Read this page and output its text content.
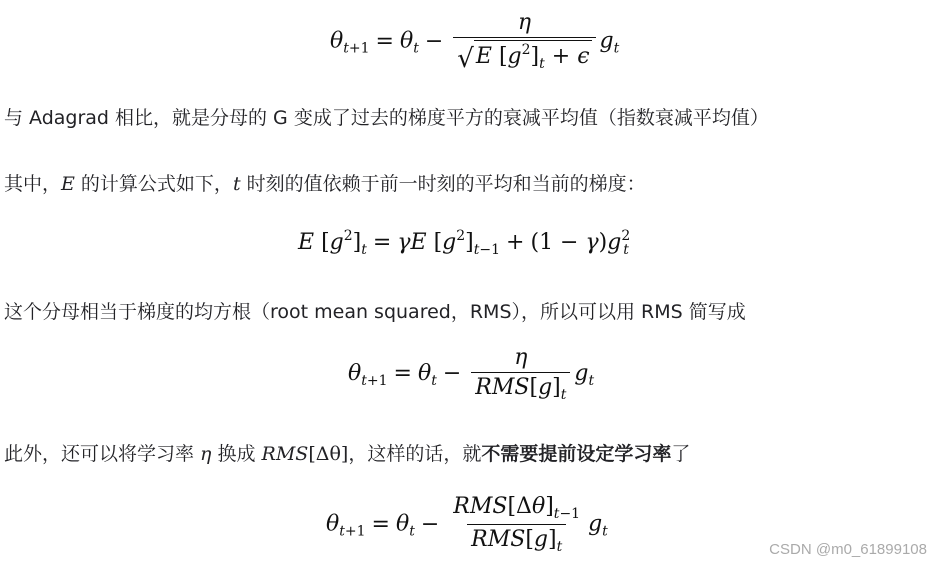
$\theta_{t+1} = \theta_t - \frac{\eta}{√ E [g^2]_t + \epsilon} g_t$

与 Adagrad 相比，就是分母的 G 变成了过去的梯度平方的衰减平均值（指数衰减平均值）

其中，E 的计算公式如下，t 时刻的值依赖于前一时刻的平均和当前的梯度：

E $[g^2]_t = \gamma E$ $[g^2]_{t-1} + (1 - \gamma)g^2_t$

这个分母相当于梯度的均方根（root mean squared，RMS），所以可以用 RMS 简写成

$\theta_{t+1} = \theta_t - \frac{\eta}{RMS[g]_t} g_t$

此外，还可以将学习率 η 换成 RMS[Δθ]，这样的话，就不需要提前设定学习率了

$\theta_{t+1} = \theta_t - \frac{RMS[\Delta\theta]_{t-1}}{RMS[g]_t} g_t$
CSDN @m0_61899108
